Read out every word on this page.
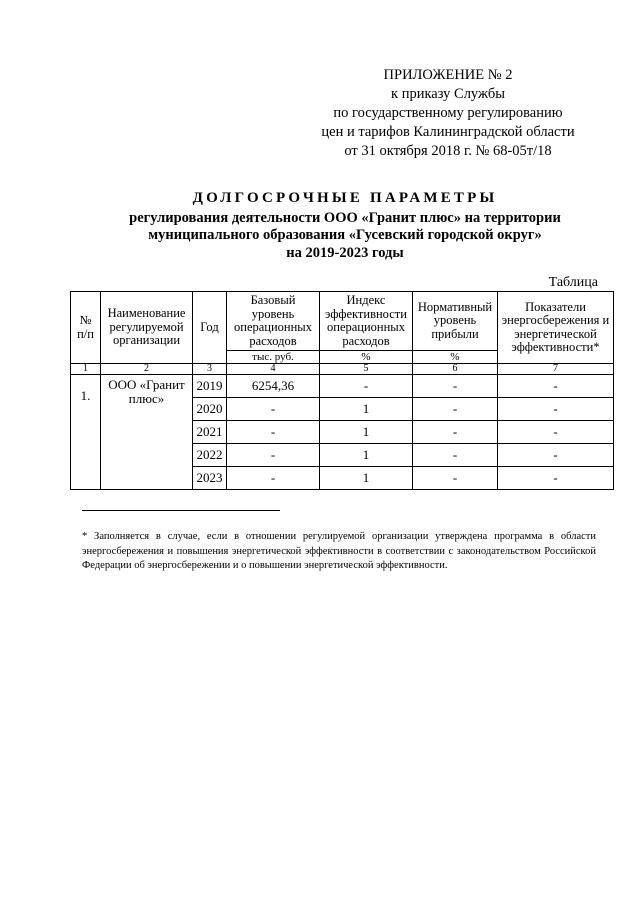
ПРИЛОЖЕНИЕ № 2
к приказу Службы
по государственному регулированию
цен и тарифов Калининградской области
от 31 октября 2018 г. № 68-05т/18
ДОЛГОСРОЧНЫЕ ПАРАМЕТРЫ
регулирования деятельности ООО «Гранит плюс» на территории
муниципального образования «Гусевский городской округ»
на 2019-2023 годы
Таблица
№ п/п	Наименование регулируемой организации	Год	Базовый уровень операционных расходов	Индекс эффективности операционных расходов	Нормативный уровень прибыли	Показатели энергосбережения и энергетической эффективности*
			тыс. руб.	%	%	
1	2	3	4	5	6	7
1.	ООО «Гранит плюс»	2019	6254,36	-	-	-
		2020	-	1	-	-
		2021	-	1	-	-
		2022	-	1	-	-
		2023	-	1	-	-
* Заполняется в случае, если в отношении регулируемой организации утверждена программа в области энергосбережения и повышения энергетической эффективности в соответствии с законодательством Российской Федерации об энергосбережении и о повышении энергетической эффективности.
